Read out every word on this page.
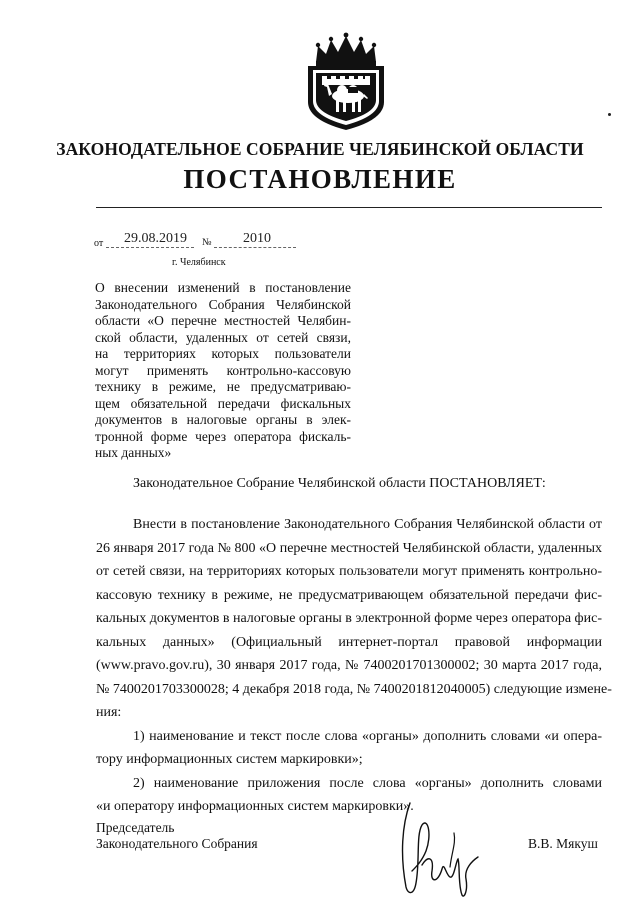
ЗАКОНОДАТЕЛЬНОЕ СОБРАНИЕ ЧЕЛЯБИНСКОЙ ОБЛАСТИ
ПОСТАНОВЛЕНИЕ
от 29.08.2019 № 2010
г. Челябинск
О внесении изменений в постановление
Законодательного Собрания Челябинской
области «О перечне местностей Челябин-
ской области, удаленных от сетей связи,
на территориях которых пользователи
могут применять контрольно-кассовую
технику в режиме, не предусматриваю-
щем обязательной передачи фискальных
документов в налоговые органы в элек-
тронной форме через оператора фискаль-
ных данных»
Законодательное Собрание Челябинской области ПОСТАНОВЛЯЕТ:
Внести в постановление Законодательного Собрания Челябинской области от
26 января 2017 года № 800 «О перечне местностей Челябинской области, удаленных
от сетей связи, на территориях которых пользователи могут применять контрольно-
кассовую технику в режиме, не предусматривающем обязательной передачи фис-
кальных документов в налоговые органы в электронной форме через оператора фис-
кальных данных» (Официальный интернет-портал правовой информации
(www.pravo.gov.ru), 30 января 2017 года, № 7400201701300002; 30 марта 2017 года,
№ 7400201703300028; 4 декабря 2018 года, № 7400201812040005) следующие измене-
ния:
1) наименование и текст после слова «органы» дополнить словами «и опера-
тору информационных систем маркировки»;
2) наименование приложения после слова «органы» дополнить словами
«и оператору информационных систем маркировки».
Председатель
Законодательного Собрания	В.В. Мякуш
